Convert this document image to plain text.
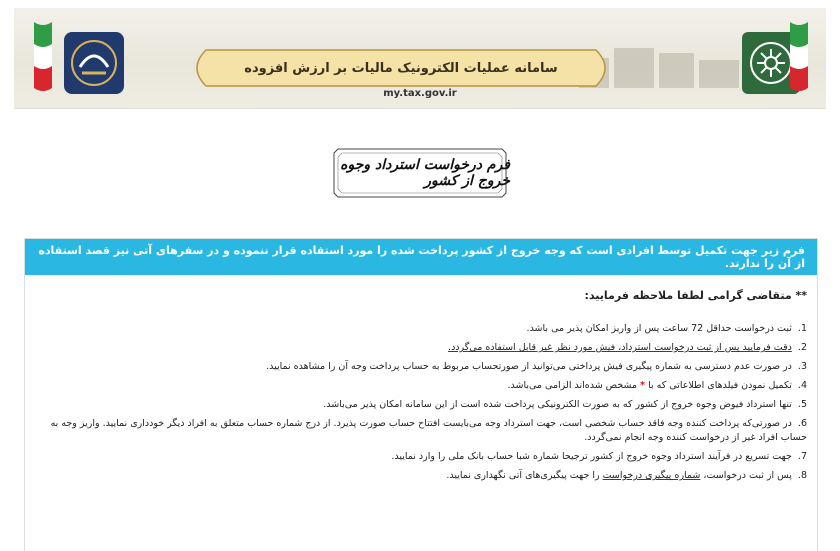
سامانه عملیات الکترونیک مالیات بر ارزش افزوده
my.tax.gov.ir
فرم درخواست استرداد وجوه خروج از کشور
فرم زیر جهت تکمیل توسط افرادی است که وجه خروج از کشور پرداخت شده را مورد استفاده قرار ننموده و در سفرهای آتی نیز قصد استفاده از آن را ندارند.
** متقاضی گرامی لطفا ملاحظه فرمایید:
1. ثبت درخواست حداقل 72 ساعت پس از واریز امکان پذیر می باشد.
2. دقت فرمایید پس از ثبت درخواست استرداد، فیش مورد نظر غیر قابل استفاده می‌گردد.
3. در صورت عدم دسترسی به شماره پیگیری فیش پرداختی می‌توانید از صورتحساب مربوط به حساب پرداخت وجه آن را مشاهده نمایید.
4. تکمیل نمودن فیلدهای اطلاعاتی که با * مشخص شده‌اند الزامی می‌باشد.
5. تنها استرداد فیوض وجوه خروج از کشور که به صورت الکترونیکی پرداخت شده است از این سامانه امکان پذیر می‌باشد.
6. در صورتی‌که پرداخت کننده وجه فاقد حساب شخصی است، جهت استرداد وجه می‌بایست افتتاح حساب صورت پذیرد. از درج شماره حساب متعلق به افراد دیگر خودداری نمایید. واریز وجه به حساب افراد غیر از درخواست کننده وجه انجام نمی‌گردد.
7. جهت تسریع در فرآیند استرداد وجوه خروج از کشور ترجیحا شماره شبا حساب بانک ملی را وارد نمایید.
8. پس از ثبت درخواست، شماره پیگیری درخواست را جهت پیگیری‌های آتی نگهداری نمایید.
